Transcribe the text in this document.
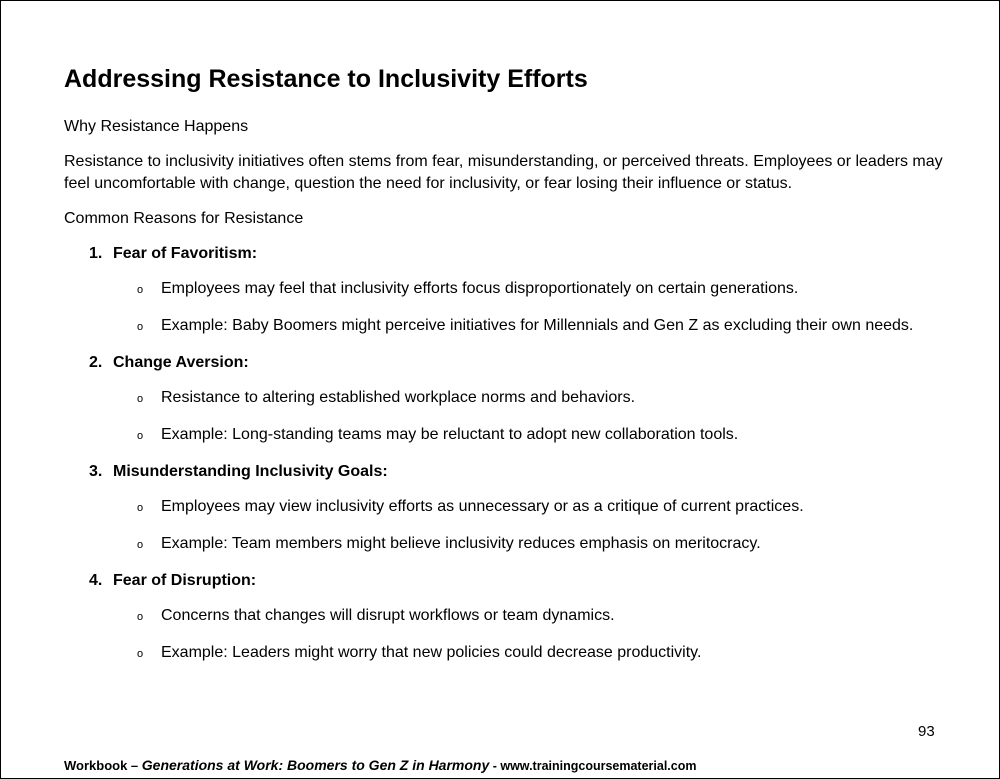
Addressing Resistance to Inclusivity Efforts

Why Resistance Happens

Resistance to inclusivity initiatives often stems from fear, misunderstanding, or perceived threats. Employees or leaders may feel uncomfortable with change, question the need for inclusivity, or fear losing their influence or status.

Common Reasons for Resistance

1. Fear of Favoritism:
o	Employees may feel that inclusivity efforts focus disproportionately on certain generations.
o	Example: Baby Boomers might perceive initiatives for Millennials and Gen Z as excluding their own needs.
2. Change Aversion:
o	Resistance to altering established workplace norms and behaviors.
o	Example: Long-standing teams may be reluctant to adopt new collaboration tools.
3. Misunderstanding Inclusivity Goals:
o	Employees may view inclusivity efforts as unnecessary or as a critique of current practices.
o	Example: Team members might believe inclusivity reduces emphasis on meritocracy.
4. Fear of Disruption:
o	Concerns that changes will disrupt workflows or team dynamics.
o	Example: Leaders might worry that new policies could decrease productivity.
93
Workbook – Generations at Work: Boomers to Gen Z in Harmony - www.trainingcoursematerial.com
